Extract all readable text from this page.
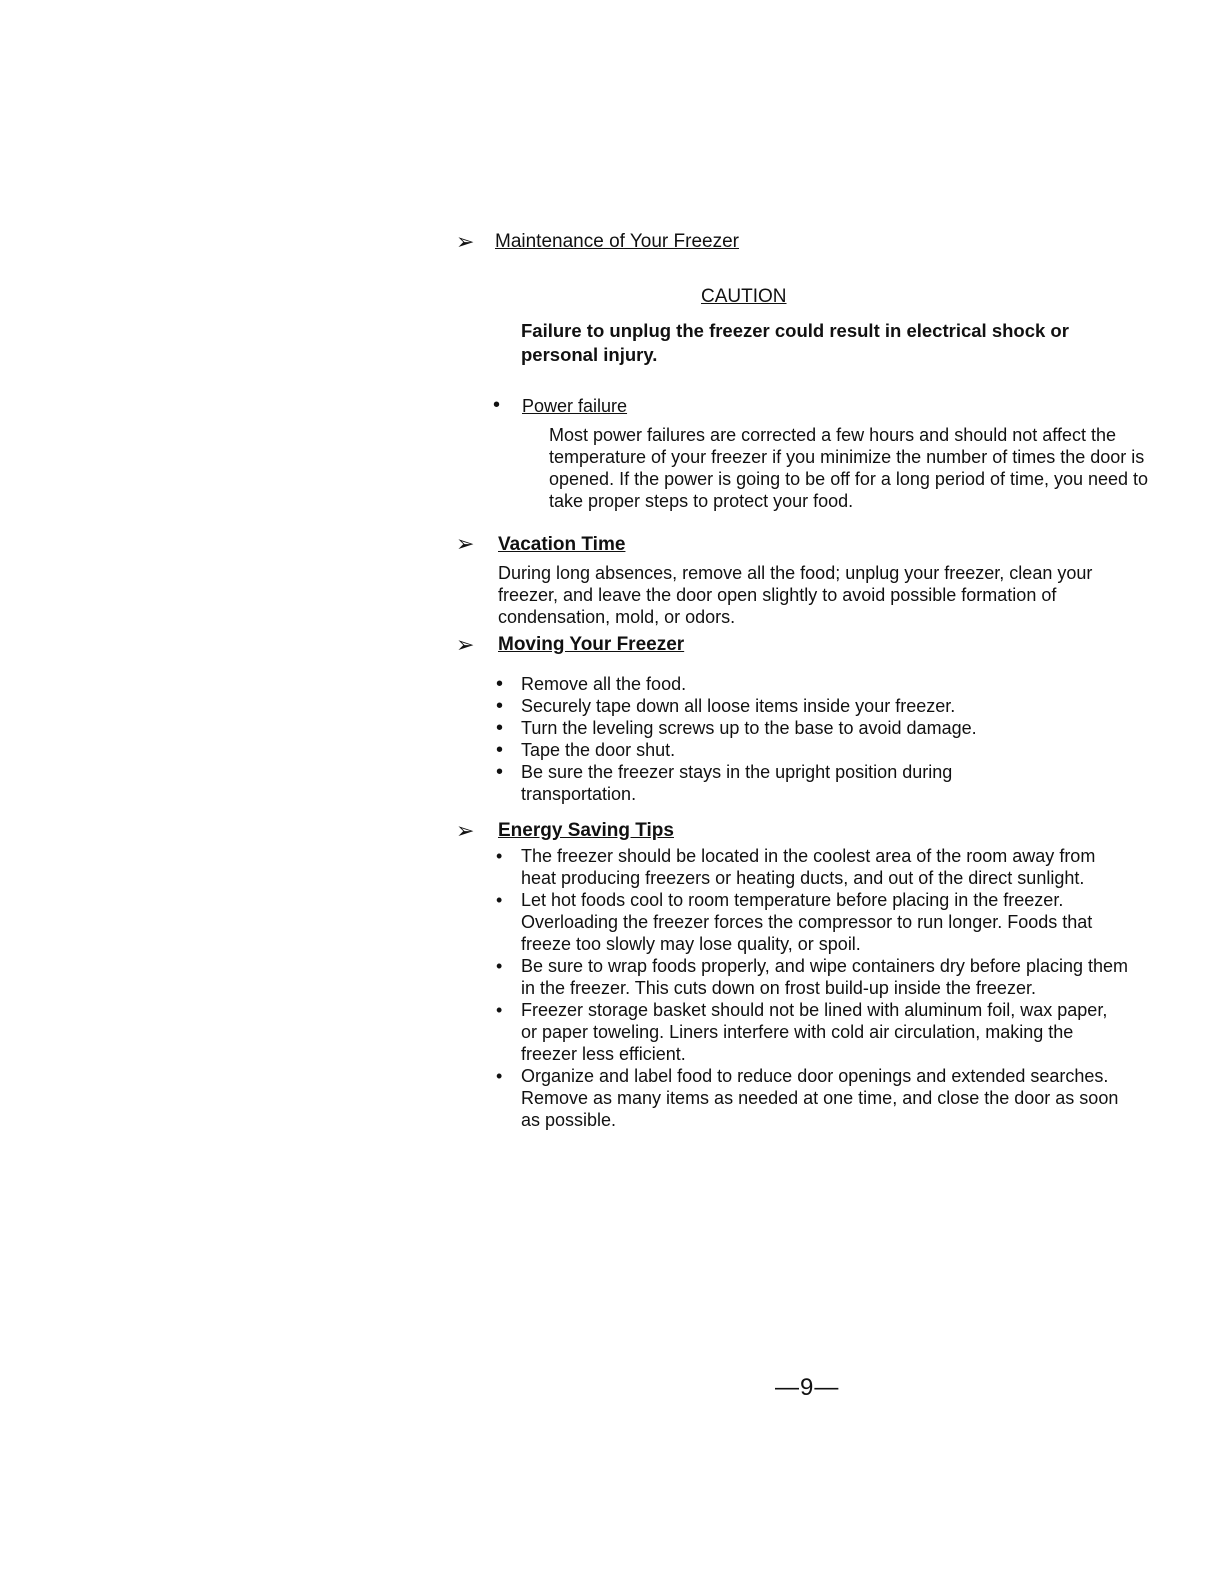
➢ Maintenance of Your Freezer
CAUTION
Failure to unplug the freezer could result in electrical shock or personal injury.
• Power failure
Most power failures are corrected a few hours and should not affect the temperature of your freezer if you minimize the number of times the door is opened. If the power is going to be off for a long period of time, you need to take proper steps to protect your food.
➢ Vacation Time
During long absences, remove all the food; unplug your freezer, clean your freezer, and leave the door open slightly to avoid possible formation of condensation, mold, or odors.
➢ Moving Your Freezer
• Remove all the food.
• Securely tape down all loose items inside your freezer.
• Turn the leveling screws up to the base to avoid damage.
• Tape the door shut.
• Be sure the freezer stays in the upright position during transportation.
➢ Energy Saving Tips
• The freezer should be located in the coolest area of the room away from heat producing freezers or heating ducts, and out of the direct sunlight.
• Let hot foods cool to room temperature before placing in the freezer. Overloading the freezer forces the compressor to run longer. Foods that freeze too slowly may lose quality, or spoil.
• Be sure to wrap foods properly, and wipe containers dry before placing them in the freezer. This cuts down on frost build-up inside the freezer.
• Freezer storage basket should not be lined with aluminum foil, wax paper, or paper toweling. Liners interfere with cold air circulation, making the freezer less efficient.
• Organize and label food to reduce door openings and extended searches. Remove as many items as needed at one time, and close the door as soon as possible.
—9—
